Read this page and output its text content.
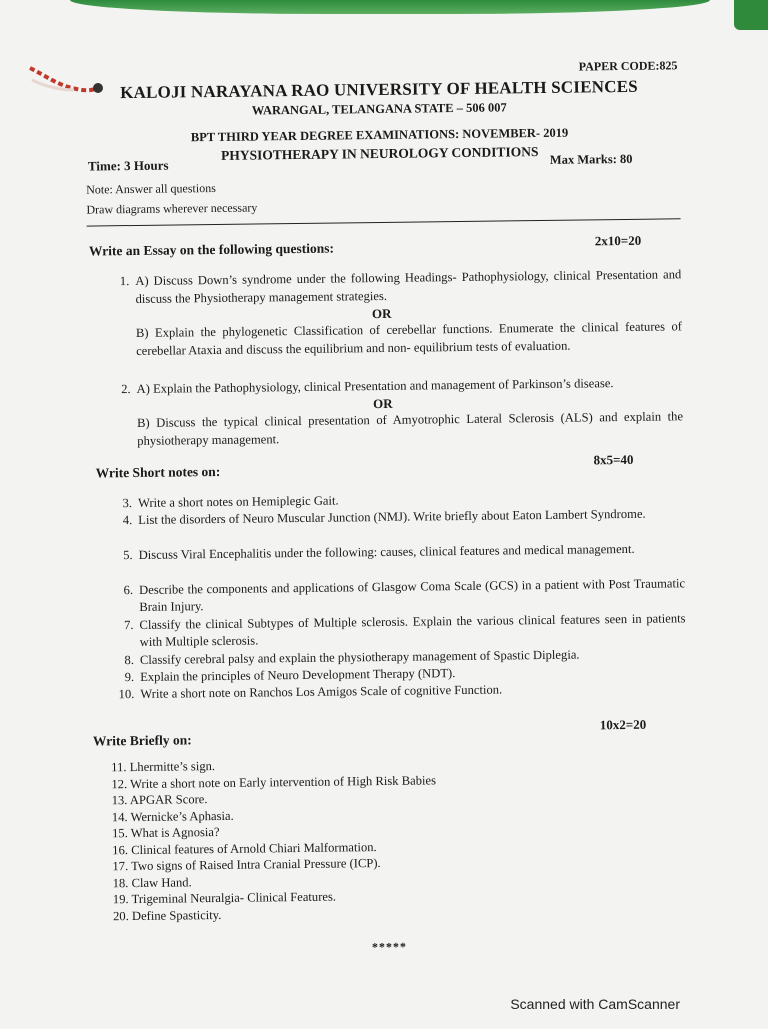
PAPER CODE:825
KALOJI NARAYANA RAO UNIVERSITY OF HEALTH SCIENCES
WARANGAL, TELANGANA STATE – 506 007
BPT THIRD YEAR DEGREE EXAMINATIONS: NOVEMBER- 2019
PHYSIOTHERAPY IN NEUROLOGY CONDITIONS
Time: 3 Hours	Max Marks: 80
Note: Answer all questions
Draw diagrams wherever necessary
Write an Essay on the following questions:	2x10=20
1. A) Discuss Down’s syndrome under the following Headings- Pathophysiology, clinical Presentation and discuss the Physiotherapy management strategies.
OR
B) Explain the phylogenetic Classification of cerebellar functions. Enumerate the clinical features of cerebellar Ataxia and discuss the equilibrium and non- equilibrium tests of evaluation.
2. A) Explain the Pathophysiology, clinical Presentation and management of Parkinson’s disease.
OR
B) Discuss the typical clinical presentation of Amyotrophic Lateral Sclerosis (ALS) and explain the physiotherapy management.
Write Short notes on:
8x5=40
3. Write a short notes on Hemiplegic Gait.
4. List the disorders of Neuro Muscular Junction (NMJ). Write briefly about Eaton Lambert Syndrome.
5. Discuss Viral Encephalitis under the following: causes, clinical features and medical management.
6. Describe the components and applications of Glasgow Coma Scale (GCS) in a patient with Post Traumatic Brain Injury.
7. Classify the clinical Subtypes of Multiple sclerosis. Explain the various clinical features seen in patients with Multiple sclerosis.
8. Classify cerebral palsy and explain the physiotherapy management of Spastic Diplegia.
9. Explain the principles of Neuro Development Therapy (NDT).
10. Write a short note on Ranchos Los Amigos Scale of cognitive Function.
Write Briefly on:
10x2=20
11. Lhermitte’s sign.
12. Write a short note on Early intervention of High Risk Babies
13. APGAR Score.
14. Wernicke’s Aphasia.
15. What is Agnosia?
16. Clinical features of Arnold Chiari Malformation.
17. Two signs of Raised Intra Cranial Pressure (ICP).
18. Claw Hand.
19. Trigeminal Neuralgia- Clinical Features.
20. Define Spasticity.
*****
Scanned with CamScanner
